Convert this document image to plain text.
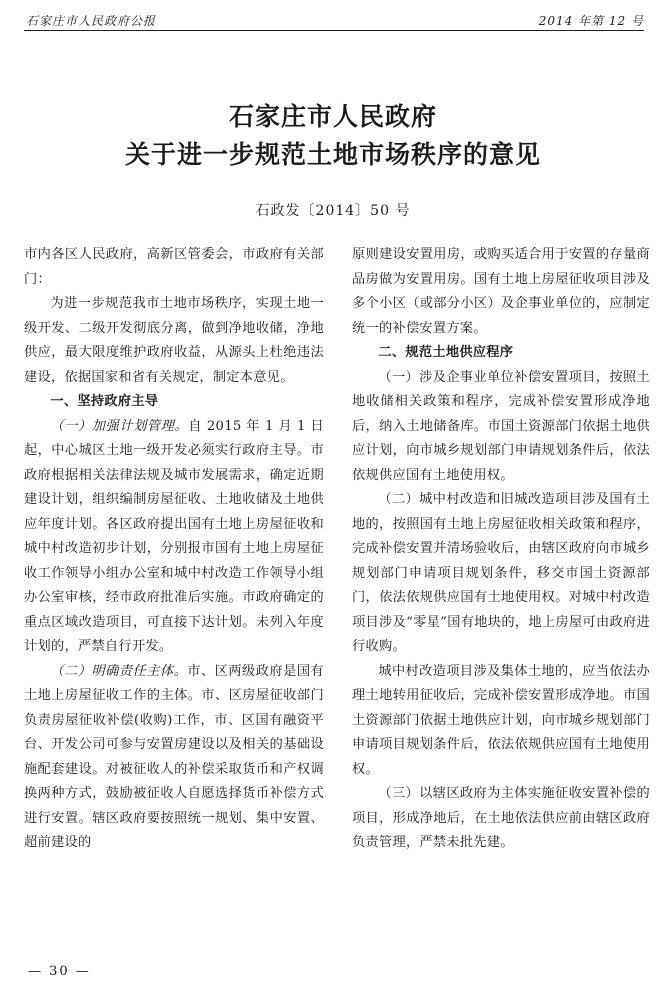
石家庄市人民政府公报	2014 年第 12 号
石家庄市人民政府
关于进一步规范土地市场秩序的意见
石政发〔2014〕50 号

市内各区人民政府，高新区管委会，市政府有关部门：

为进一步规范我市土地市场秩序，实现土地一级开发、二级开发彻底分离，做到净地收储，净地供应，最大限度维护政府收益，从源头上杜绝违法建设，依据国家和省有关规定，制定本意见。

一、坚持政府主导

（一）加强计划管理。自 2015 年 1 月 1 日起，中心城区土地一级开发必须实行政府主导。市政府根据相关法律法规及城市发展需求，确定近期建设计划，组织编制房屋征收、土地收储及土地供应年度计划。各区政府提出国有土地上房屋征收和城中村改造初步计划，分别报市国有土地上房屋征收工作领导小组办公室和城中村改造工作领导小组办公室审核，经市政府批准后实施。市政府确定的重点区域改造项目，可直接下达计划。未列入年度计划的，严禁自行开发。

（二）明确责任主体。市、区两级政府是国有土地上房屋征收工作的主体。市、区房屋征收部门负责房屋征收补偿(收购)工作，市、区国有融资平台、开发公司可参与安置房建设以及相关的基础设施配套建设。对被征收人的补偿采取货币和产权调换两种方式，鼓励被征收人自愿选择货币补偿方式进行安置。辖区政府要按照统一规划、集中安置、超前建设的

原则建设安置用房，或购买适合用于安置的存量商品房做为安置用房。国有土地上房屋征收项目涉及多个小区（或部分小区）及企事业单位的，应制定统一的补偿安置方案。

二、规范土地供应程序

（一）涉及企事业单位补偿安置项目，按照土地收储相关政策和程序，完成补偿安置形成净地后，纳入土地储备库。市国土资源部门依据土地供应计划，向市城乡规划部门申请规划条件后，依法依规供应国有土地使用权。

（二）城中村改造和旧城改造项目涉及国有土地的，按照国有土地上房屋征收相关政策和程序，完成补偿安置并清场验收后，由辖区政府向市城乡规划部门申请项目规划条件，移交市国土资源部门，依法依规供应国有土地使用权。对城中村改造项目涉及“零星”国有地块的，地上房屋可由政府进行收购。

城中村改造项目涉及集体土地的，应当依法办理土地转用征收后，完成补偿安置形成净地。市国土资源部门依据土地供应计划，向市城乡规划部门申请项目规划条件后，依法依规供应国有土地使用权。

（三）以辖区政府为主体实施征收安置补偿的项目，形成净地后，在土地依法供应前由辖区政府负责管理，严禁未批先建。

— 30 —
